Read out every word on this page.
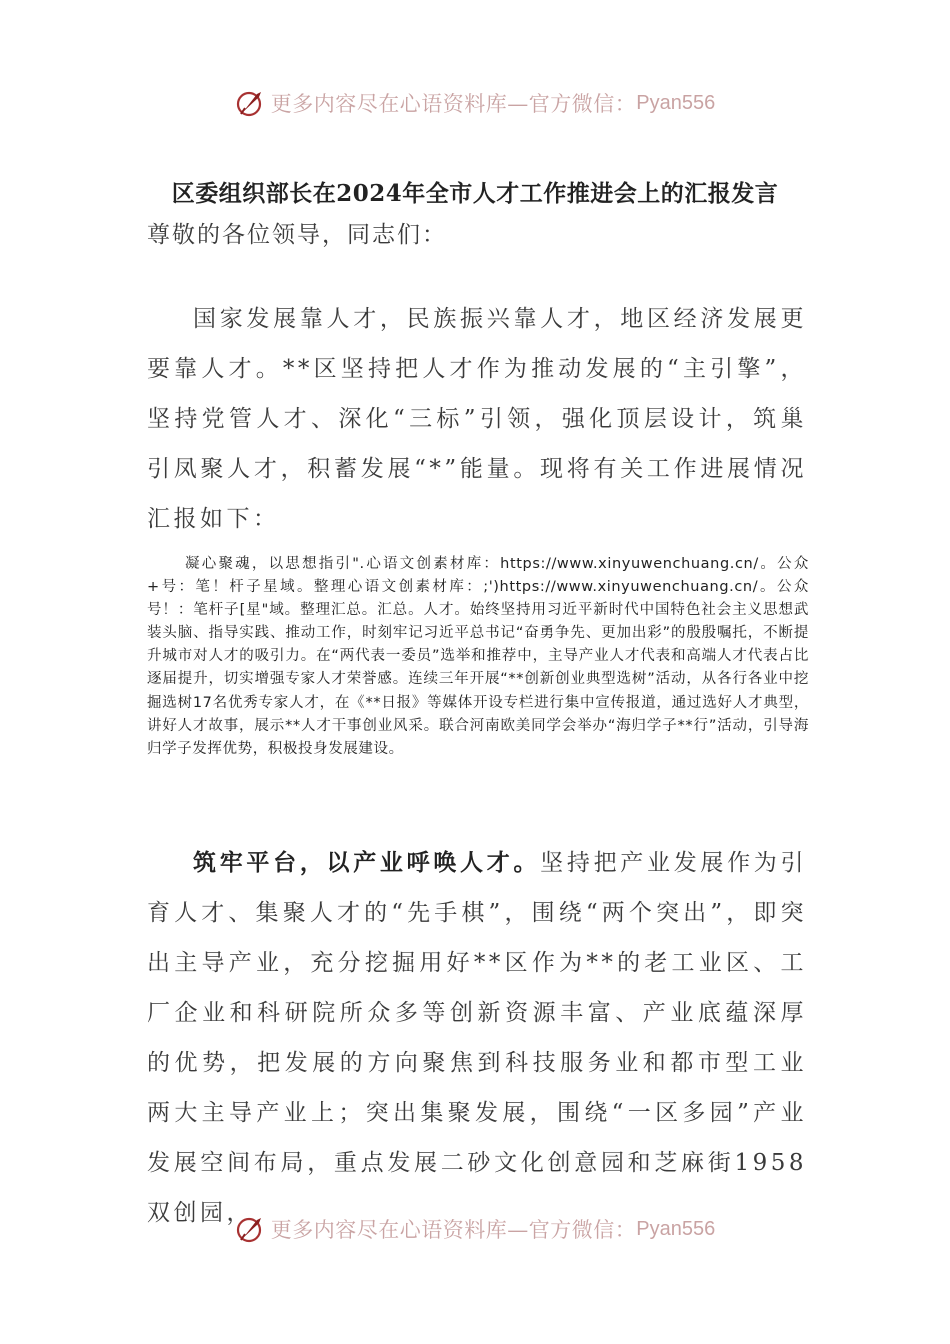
更多内容尽在心语资料库—官方微信： Pyan556
区委组织部长在2024年全市人才工作推进会上的汇报发言
尊敬的各位领导，同志们：

国家发展靠人才，民族振兴靠人才，地区经济发展更要靠人才。**区坚持把人才作为推动发展的“主引擎”，坚持党管人才、深化“三标”引领，强化顶层设计，筑巢引凤聚人才，积蓄发展“*”能量。现将有关工作进展情况汇报如下：

凝心聚魂，以思想指引".心语文创素材库：https://www.xinyuwenchuang.cn/。公众+号：笔！杆子星域。整理心语文创素材库：;')https://www.xinyuwenchuang.cn/。公众号！：笔杆子[星"域。整理汇总。汇总。人才。始终坚持用习近平新时代中国特色社会主义思想武装头脑、指导实践、推动工作，时刻牢记习近平总书记“奋勇争先、更加出彩”的殷殷嘱托，不断提升城市对人才的吸引力。在“两代表一委员”选举和推荐中，主导产业人才代表和高端人才代表占比逐届提升，切实增强专家人才荣誉感。连续三年开展“**创新创业典型选树”活动，从各行各业中挖掘选树17名优秀专家人才，在《**日报》等媒体开设专栏进行集中宣传报道，通过选好人才典型，讲好人才故事，展示**人才干事创业风采。联合河南欧美同学会举办“海归学子**行”活动，引导海归学子发挥优势，积极投身发展建设。

筑牢平台，以产业呼唤人才。坚持把产业发展作为引育人才、集聚人才的“先手棋”，围绕“两个突出”，即突出主导产业，充分挖掘用好**区作为**的老工业区、工厂企业和科研院所众多等创新资源丰富、产业底蕴深厚的优势，把发展的方向聚焦到科技服务业和都市型工业两大主导产业上；突出集聚发展，围绕“一区多园”产业发展空间布局，重点发展二砂文化创意园和芝麻街1958双创园，

更多内容尽在心语资料库—官方微信： Pyan556
